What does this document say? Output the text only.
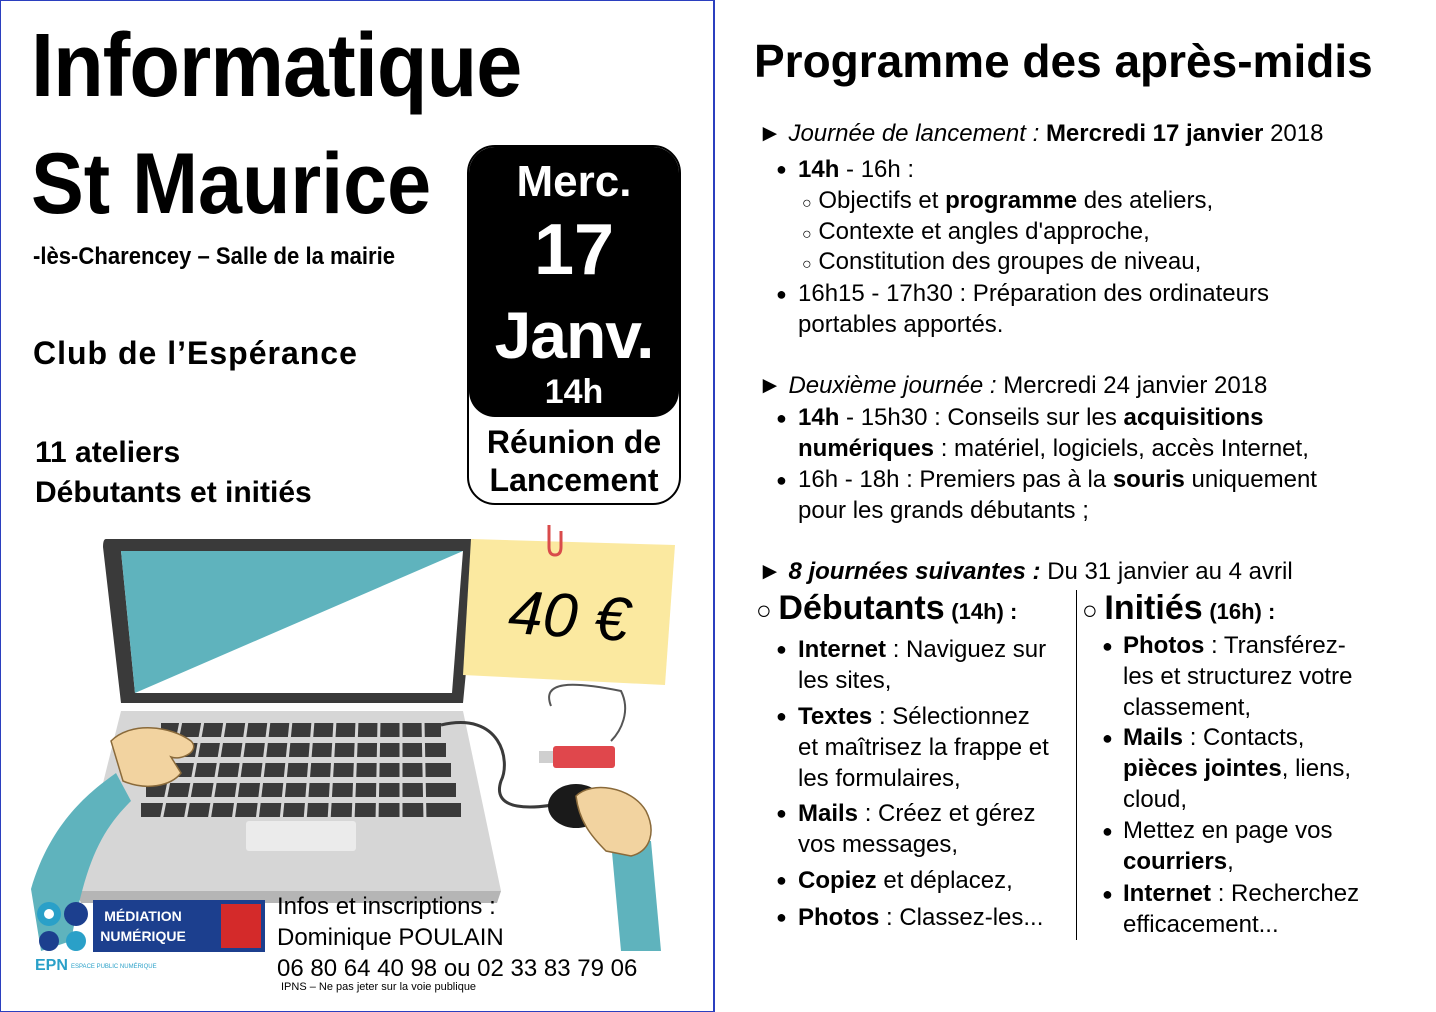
Informatique
St Maurice
-lès-Charencey – Salle de la mairie
Club de l’Espérance
11 ateliers
Débutants et initiés
Merc.
17
Janv.
14h
Réunion de
Lancement
40 €
MÉDIATION
NUMÉRIQUE
EPN ESPACE PUBLIC NUMÉRIQUE
Infos et inscriptions :
Dominique POULAIN
06 80 64 40 98 ou 02 33 83 79 06
IPNS – Ne pas jeter sur la voie publique
Programme des après-midis
► Journée de lancement : Mercredi 17 janvier 2018
● 14h - 16h :
○ Objectifs et programme des ateliers,
○ Contexte et angles d'approche,
○ Constitution des groupes de niveau,
● 16h15 - 17h30 : Préparation des ordinateurs
portables apportés.
► Deuxième journée : Mercredi 24 janvier 2018
● 14h - 15h30 : Conseils sur les acquisitions
numériques : matériel, logiciels, accès Internet,
● 16h - 18h : Premiers pas à la souris uniquement
pour les grands débutants ;
► 8 journées suivantes : Du 31 janvier au 4 avril
○ Débutants (14h) :
● Internet : Naviguez sur
les sites,
● Textes : Sélectionnez
et maîtrisez la frappe et
les formulaires,
● Mails : Créez et gérez
vos messages,
● Copiez et déplacez,
● Photos : Classez-les...
○ Initiés (16h) :
● Photos : Transférez-
les et structurez votre
classement,
● Mails : Contacts,
pièces jointes, liens,
cloud,
● Mettez en page vos
courriers,
● Internet : Recherchez
efficacement...
